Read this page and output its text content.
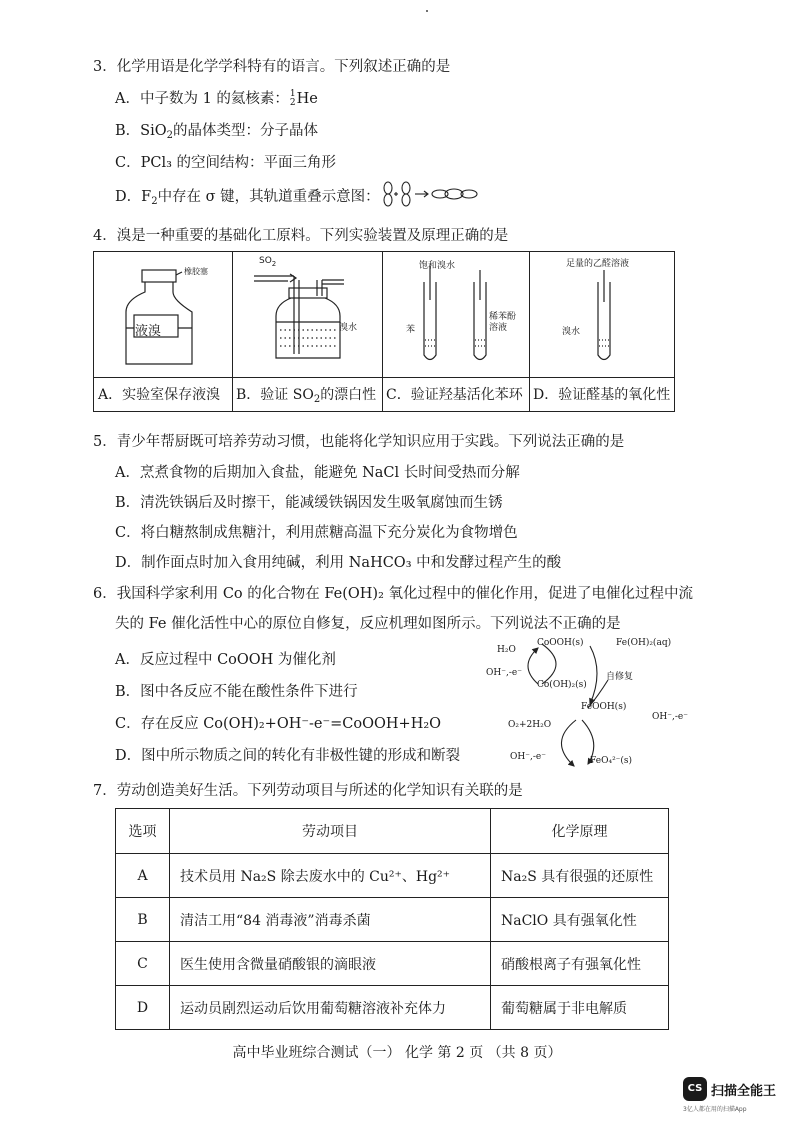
3．化学用语是化学学科特有的语言。下列叙述正确的是
A．中子数为 1 的氦核素：1
2He
B．SiO$_2$的晶体类型：分子晶体
C．PCl₃ 的空间结构：平面三角形
D．$F_2$中存在 σ 键，其轨道重叠示意图：
4．溴是一种重要的基础化工原料。下列实验装置及原理正确的是
橡胶塞
液溴
$SO_2$
溴水
饱和溴水
苯
稀苯酚溶液
足量的乙醛溶液
溴水
A．实验室保存液溴 B．验证 $SO_2$的漂白性 C．验证羟基活化苯环 D．验证醛基的氧化性
5．青少年帮厨既可培养劳动习惯，也能将化学知识应用于实践。下列说法正确的是
A．烹煮食物的后期加入食盐，能避免 NaCl 长时间受热而分解
B．清洗铁锅后及时擦干，能减缓铁锅因发生吸氧腐蚀而生锈
C．将白糖熬制成焦糖汁，利用蔗糖高温下充分炭化为食物增色
D．制作面点时加入食用纯碱，利用 NaHCO₃ 中和发酵过程产生的酸
6．我国科学家利用 Co 的化合物在 Fe(OH)₂ 氧化过程中的催化作用，促进了电催化过程中流
失的 Fe 催化活性中心的原位自修复，反应机理如图所示。下列说法不正确的是
A．反应过程中 CoOOH 为催化剂
B．图中各反应不能在酸性条件下进行
C．存在反应 Co(OH)₂+OH⁻-e⁻=CoOOH+H₂O
D．图中所示物质之间的转化有非极性键的形成和断裂
H₂O
CoOOH(s)	Fe(OH)₂(aq)
OH⁻,-e⁻	自修复
Co(OH)₂(s)
FeOOH(s)
OH⁻,-e⁻
O₂+2H₂O
OH⁻,-e⁻	FeO₄²⁻(s)
7．劳动创造美好生活。下列劳动项目与所述的化学知识有关联的是
选项	劳动项目	化学原理
A	技术员用 Na₂S 除去废水中的 Cu²⁺、Hg²⁺	Na₂S 具有很强的还原性
B	清洁工用“84 消毒液”消毒杀菌	NaClO 具有强氧化性
C	医生使用含微量硝酸银的滴眼液	硝酸根离子有强氧化性
D	运动员剧烈运动后饮用葡萄糖溶液补充体力	葡萄糖属于非电解质
高中毕业班综合测试（一） 化学 第 2 页 （共 8 页）
CS 扫描全能王
3亿人都在用的扫描App
